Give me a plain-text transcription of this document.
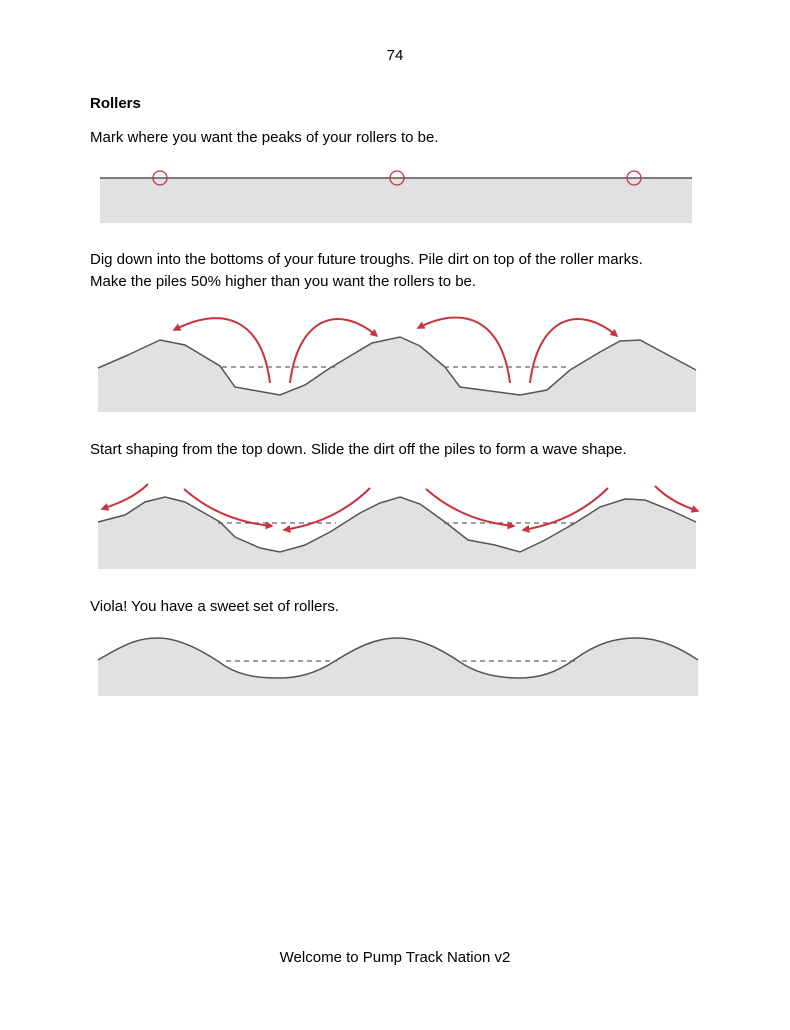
74
Rollers

Mark where you want the peaks of your rollers to be.

Dig down into the bottoms of your future troughs. Pile dirt on top of the roller marks.
Make the piles 50% higher than you want the rollers to be.

Start shaping from the top down. Slide the dirt off the piles to form a wave shape.

Viola! You have a sweet set of rollers.

Welcome to Pump Track Nation v2
